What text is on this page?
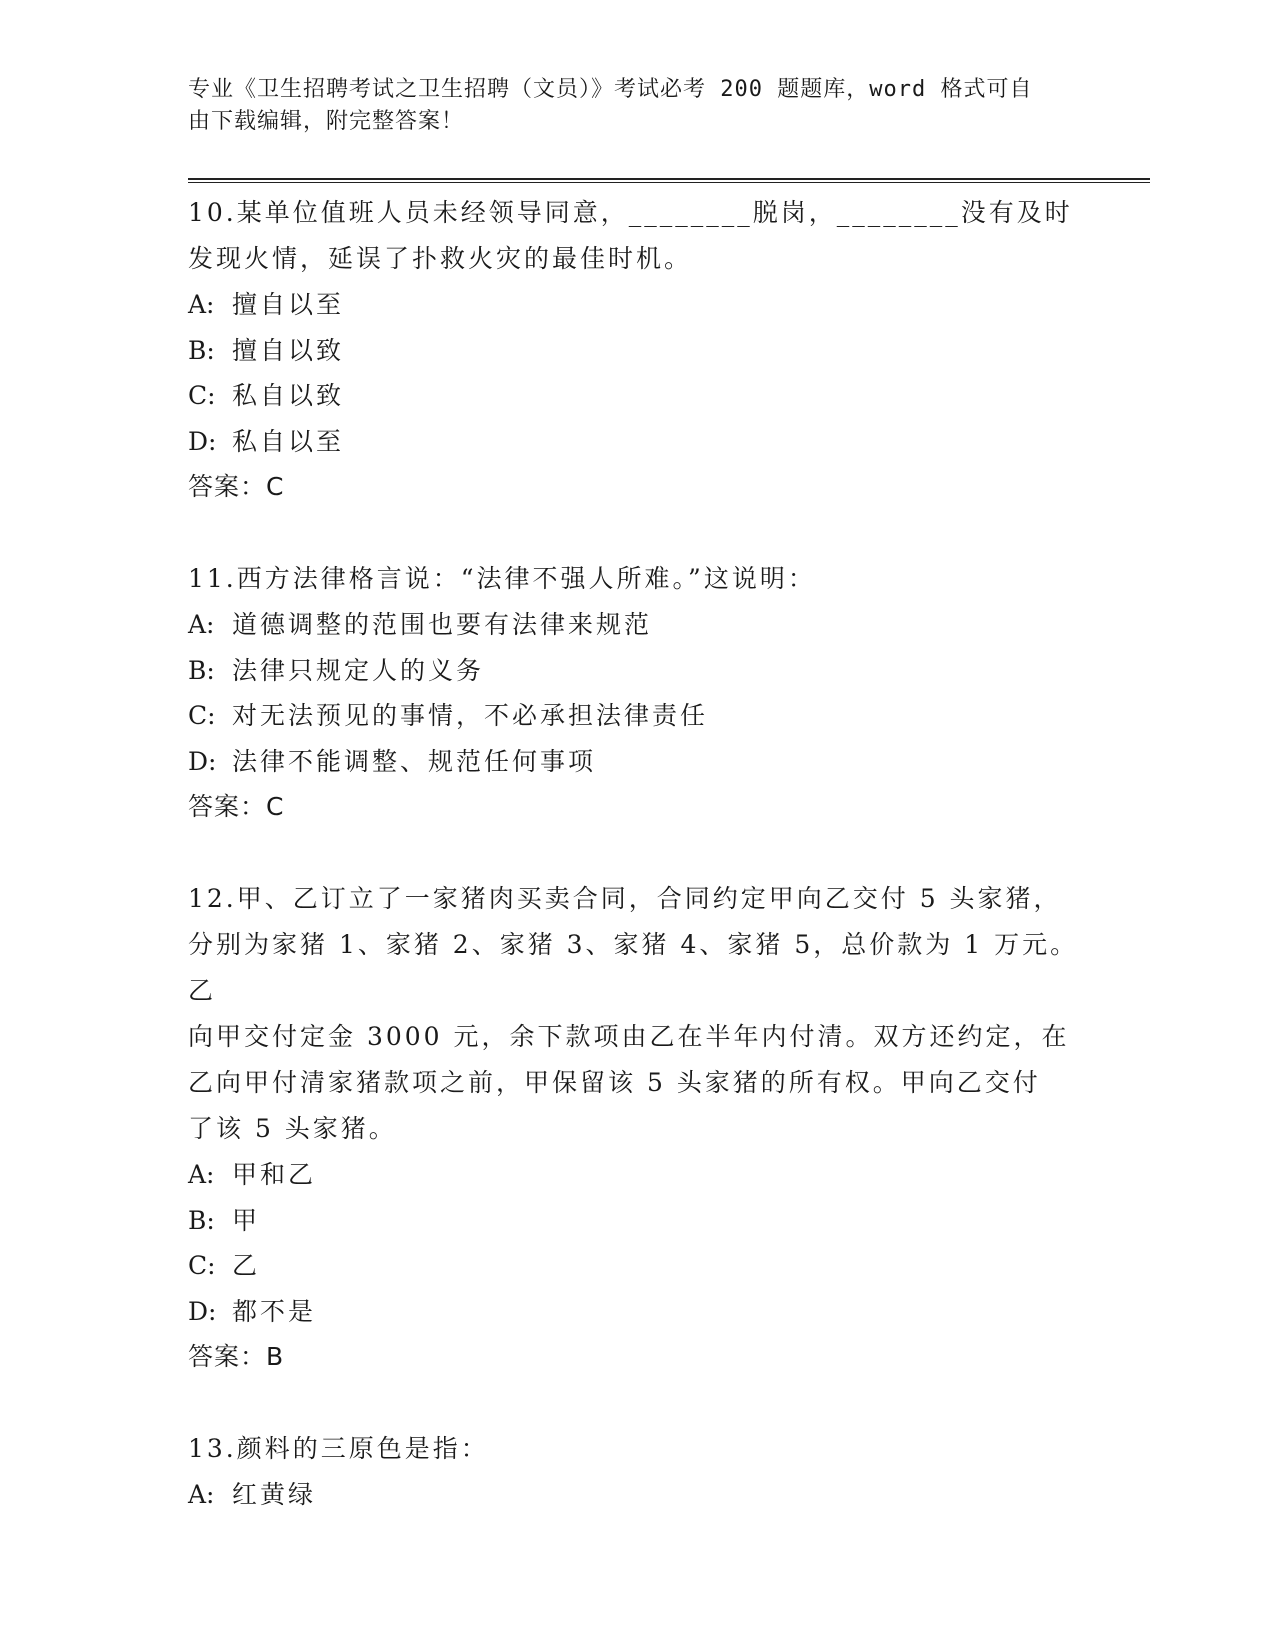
专业《卫生招聘考试之卫生招聘（文员）》考试必考 200 题题库，word 格式可自
由下载编辑，附完整答案！

10.某单位值班人员未经领导同意，________脱岗，________没有及时

发现火情，延误了扑救火灾的最佳时机。

A: 擅自以至

B: 擅自以致

C: 私自以致

D: 私自以至

答案：C

11.西方法律格言说：“法律不强人所难。”这说明：

A: 道德调整的范围也要有法律来规范

B: 法律只规定人的义务

C: 对无法预见的事情，不必承担法律责任

D: 法律不能调整、规范任何事项

答案：C

12.甲、乙订立了一家猪肉买卖合同，合同约定甲向乙交付 5 头家猪，

分别为家猪 1、家猪 2、家猪 3、家猪 4、家猪 5，总价款为 1 万元。乙

向甲交付定金 3000 元，余下款项由乙在半年内付清。双方还约定，在

乙向甲付清家猪款项之前，甲保留该 5 头家猪的所有权。甲向乙交付

了该 5 头家猪。

A: 甲和乙

B: 甲

C: 乙

D: 都不是

答案：B

13.颜料的三原色是指：

A: 红黄绿
